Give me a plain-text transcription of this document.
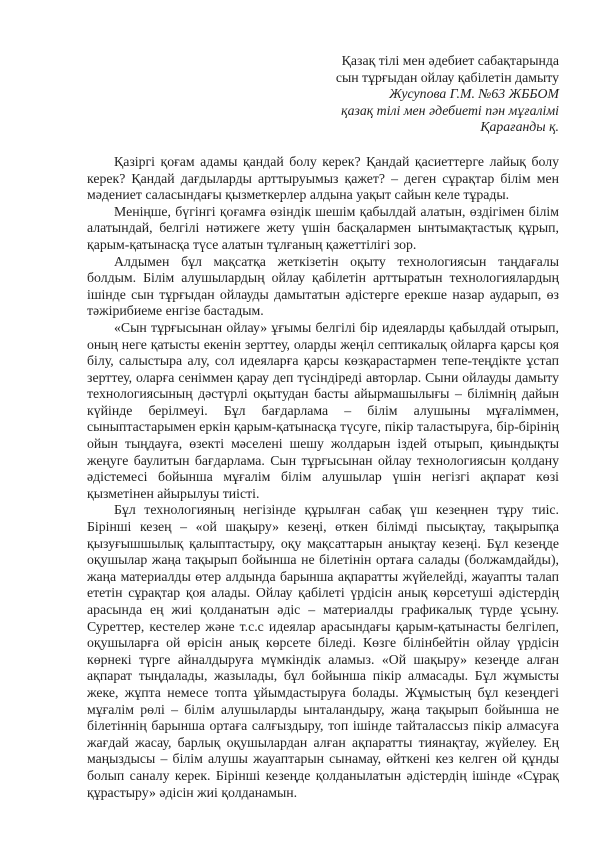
Қазақ тілі мен әдебиет сабақтарында
сын тұрғыдан ойлау қабілетін дамыту
Жусупова Г.М. №63 ЖББОМ
қазақ тілі мен әдебиеті пән мұғалімі
Қарағанды қ.

Қазіргі қоғам адамы қандай болу керек? Қандай қасиеттерге лайық болу керек? Қандай дағдыларды арттыруымыз қажет? – деген сұрақтар білім мен мәдениет саласындағы қызметкерлер алдына уақыт сайын келе тұрады.

Меніңше, бүгінгі қоғамға өзіндік шешім қабылдай алатын, өздігімен білім алатындай, белгілі нәтижеге жету үшін басқалармен ынтымақтастық құрып, қарым-қатынасқа түсе алатын тұлғаның қажеттілігі зор.

Алдымен бұл мақсатқа жеткізетін оқыту технологиясын таңдағалы болдым. Білім алушылардың ойлау қабілетін арттыратын технологиялардың ішінде сын тұрғыдан ойлауды дамытатын әдістерге ерекше назар аударып, өз тәжірибиеме енгізе бастадым.

«Сын тұрғысынан ойлау» ұғымы белгілі бір идеяларды қабылдай отырып, оның неге қатысты екенін зерттеу, оларды жеңіл септикалық ойларға қарсы қоя білу, салыстыра алу, сол идеяларға қарсы көзқарастармен тепе-теңдікте ұстап зерттеу, оларға сеніммен қарау деп түсіндіреді авторлар. Сыни ойлауды дамыту технологиясының дәстүрлі оқытудан басты айырмашылығы – білімнің дайын күйінде берілмеуі. Бұл бағдарлама – білім алушыны мұғаліммен, сыныптастарымен еркін қарым-қатынасқа түсуге, пікір таластыруға, бір-бірінің ойын тыңдауға, өзекті мәселені шешу жолдарын іздей отырып, қиындықты жеңуге баулитын бағдарлама. Сын тұрғысынан ойлау технологиясын қолдану әдістемесі бойынша мұғалім білім алушылар үшін негізгі ақпарат көзі қызметінен айырылуы тиісті.

Бұл технологияның негізінде құрылған сабақ үш кезеңнен тұру тиіс. Бірінші кезең – «ой шақыру» кезеңі, өткен білімді пысықтау, тақырыпқа қызуғышшылық қалыптастыру, оқу мақсаттарын анықтау кезеңі. Бұл кезеңде оқушылар жаңа тақырып бойынша не білетінін ортаға салады (болжамдайды), жаңа материалды өтер алдында барынша ақпаратты жүйелейді, жауапты талап ететін сұрақтар қоя алады. Ойлау қабілеті үрдісін анық көрсетуші әдістердің арасында ең жиі қолданатын әдіс – материалды графикалық түрде ұсыну. Суреттер, кестелер және т.с.с идеялар арасындағы қарым-қатынасты белгілеп, оқушыларға ой өрісін анық көрсете біледі. Көзге білінбейтін ойлау үрдісін көрнекі түрге айналдыруға мүмкіндік аламыз. «Ой шақыру» кезеңде алған ақпарат тыңдалады, жазылады, бұл бойынша пікір алмасады. Бұл жұмысты жеке, жұпта немесе топта ұйымдастыруға болады. Жұмыстың бұл кезеңдегі мұғалім рөлі – білім алушыларды ынталандыру, жаңа тақырып бойынша не білетіннің барынша ортаға салғыздыру, топ ішінде тайталассыз пікір алмасуға жағдай жасау, барлық оқушылардан алған ақпаратты тиянақтау, жүйелеу. Ең маңыздысы – білім алушы жауаптарын сынамау, өйткені кез келген ой құнды болып саналу керек. Бірінші кезеңде қолданылатын әдістердің ішінде «Сұрақ құрастыру» әдісін жиі қолданамын.
